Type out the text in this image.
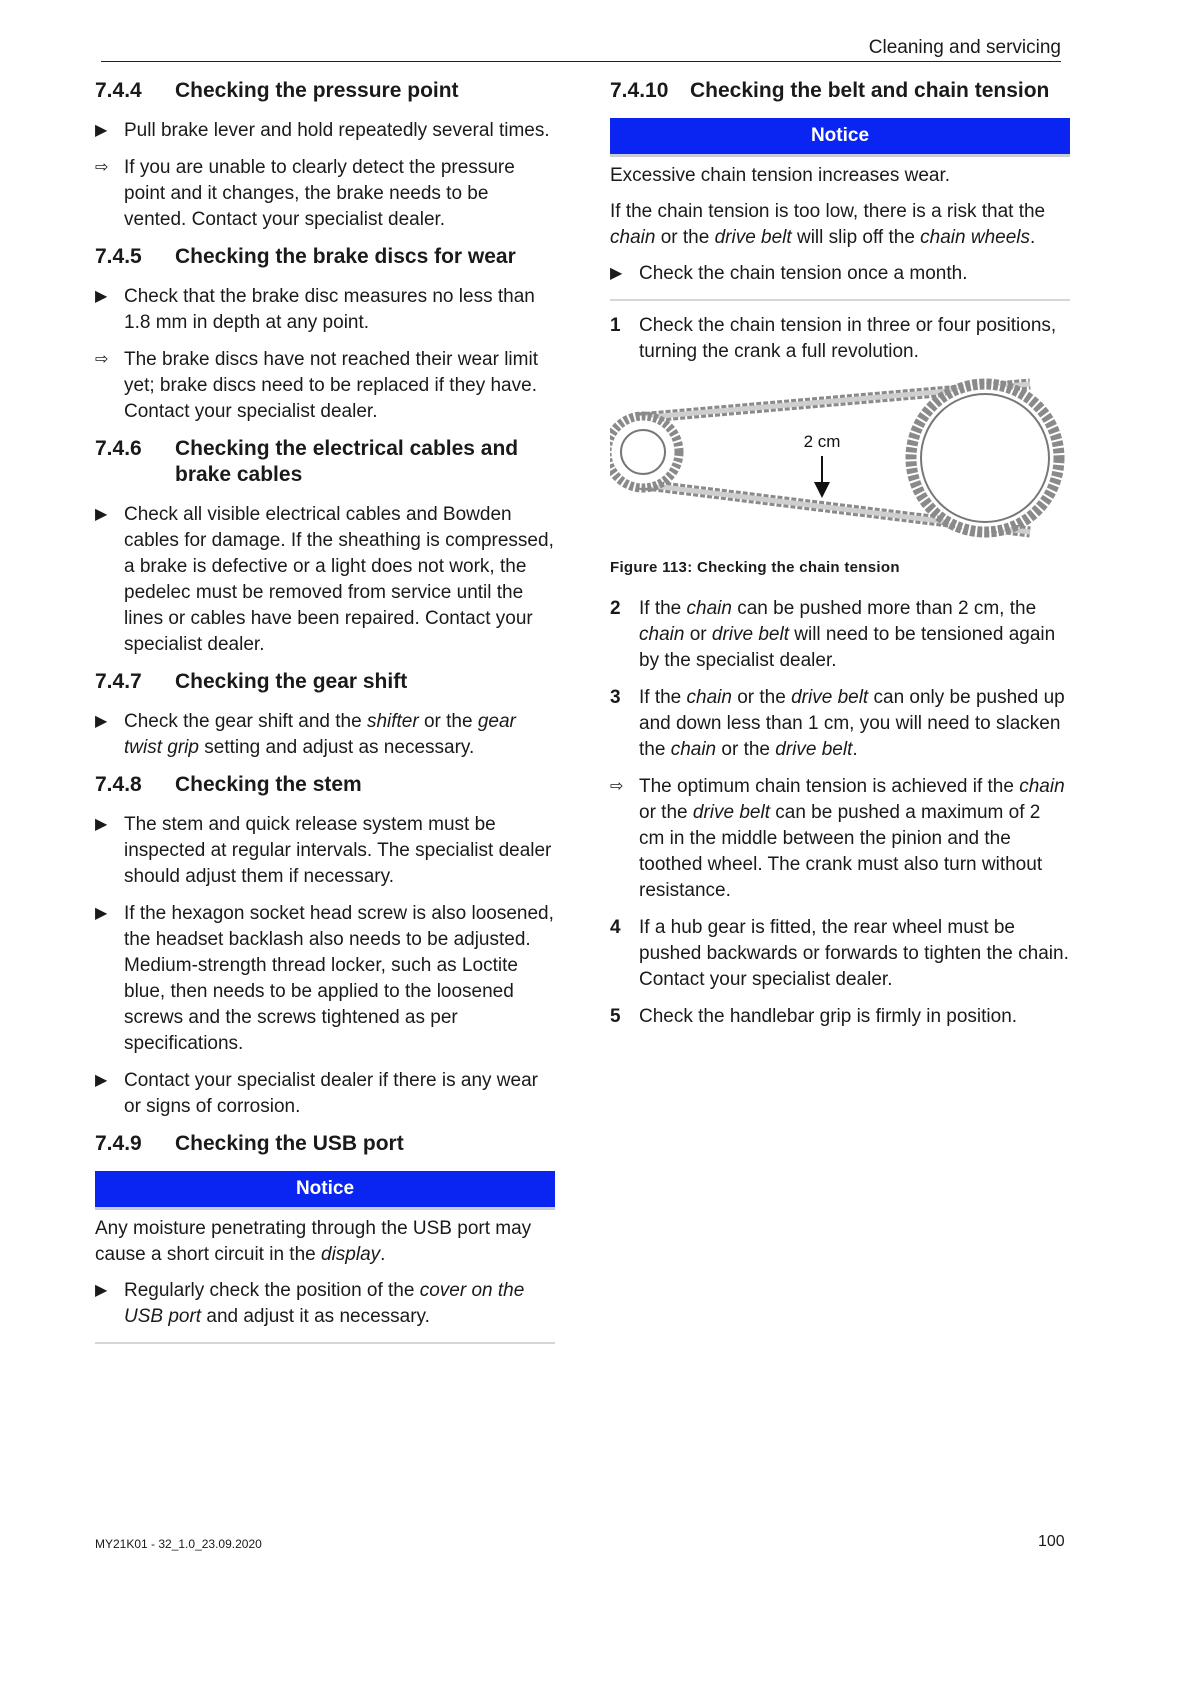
Cleaning and servicing
7.4.4	Checking the pressure point
▶ Pull brake lever and hold repeatedly several times.
⇨ If you are unable to clearly detect the pressure point and it changes, the brake needs to be vented. Contact your specialist dealer.
7.4.5	Checking the brake discs for wear
▶ Check that the brake disc measures no less than 1.8 mm in depth at any point.
⇨ The brake discs have not reached their wear limit yet; brake discs need to be replaced if they have. Contact your specialist dealer.
7.4.6	Checking the electrical cables and brake cables
▶ Check all visible electrical cables and Bowden cables for damage. If the sheathing is compressed, a brake is defective or a light does not work, the pedelec must be removed from service until the lines or cables have been repaired. Contact your specialist dealer.
7.4.7	Checking the gear shift
▶ Check the gear shift and the shifter or the gear twist grip setting and adjust as necessary.
7.4.8	Checking the stem
▶ The stem and quick release system must be inspected at regular intervals. The specialist dealer should adjust them if necessary.
▶ If the hexagon socket head screw is also loosened, the headset backlash also needs to be adjusted. Medium-strength thread locker, such as Loctite blue, then needs to be applied to the loosened screws and the screws tightened as per specifications.
▶ Contact your specialist dealer if there is any wear or signs of corrosion.
7.4.9	Checking the USB port
Notice
Any moisture penetrating through the USB port may cause a short circuit in the display.
▶ Regularly check the position of the cover on the USB port and adjust it as necessary.
7.4.10	Checking the belt and chain tension
Notice
Excessive chain tension increases wear.
If the chain tension is too low, there is a risk that the chain or the drive belt will slip off the chain wheels.
▶ Check the chain tension once a month.
1 Check the chain tension in three or four positions, turning the crank a full revolution.
2 cm
Figure 113: Checking the chain tension
2 If the chain can be pushed more than 2 cm, the chain or drive belt will need to be tensioned again by the specialist dealer.
3 If the chain or the drive belt can only be pushed up and down less than 1 cm, you will need to slacken the chain or the drive belt.
⇨ The optimum chain tension is achieved if the chain or the drive belt can be pushed a maximum of 2 cm in the middle between the pinion and the toothed wheel. The crank must also turn without resistance.
4 If a hub gear is fitted, the rear wheel must be pushed backwards or forwards to tighten the chain. Contact your specialist dealer.
5 Check the handlebar grip is firmly in position.
MY21K01 - 32_1.0_23.09.2020	100
